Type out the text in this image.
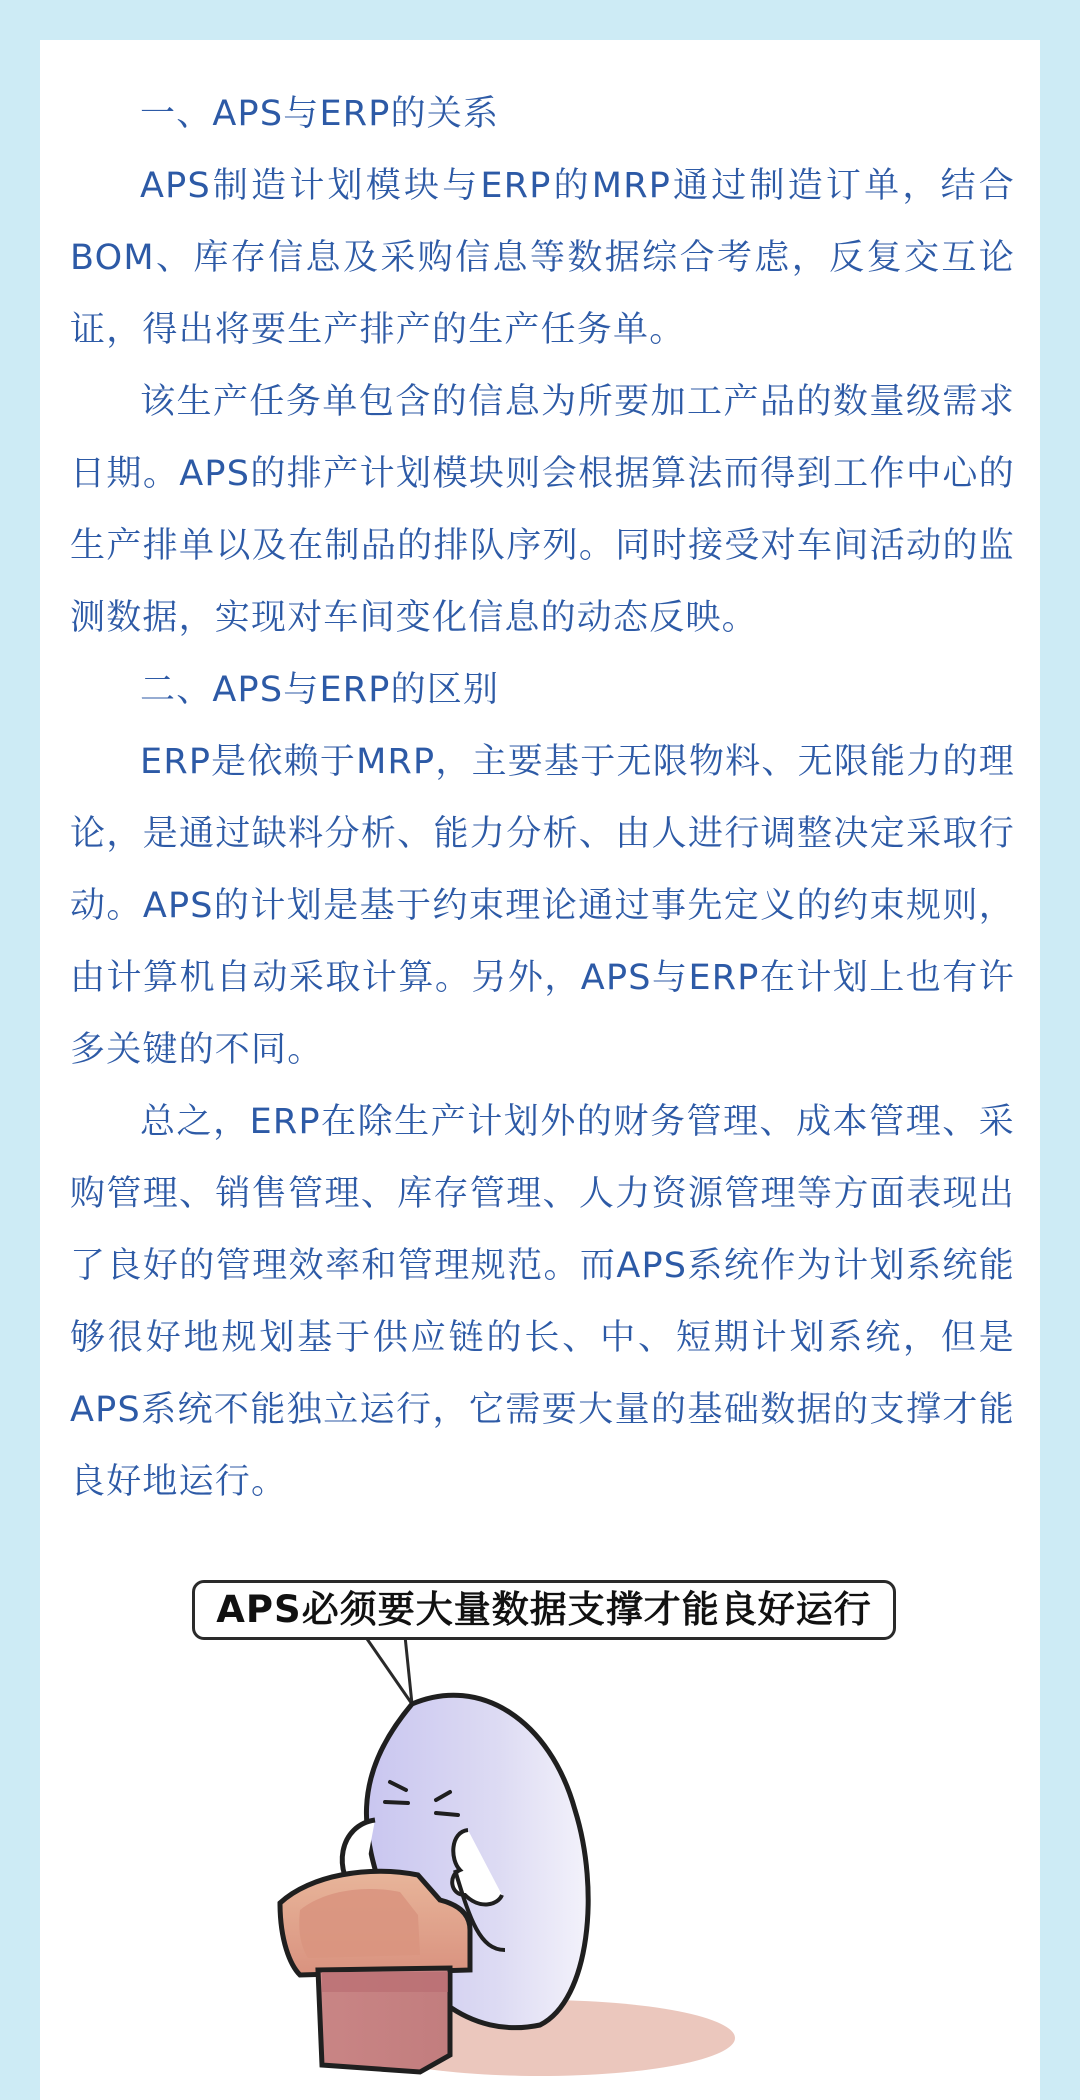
一、APS与ERP的关系

APS制造计划模块与ERP的MRP通过制造订单，结合BOM、库存信息及采购信息等数据综合考虑，反复交互论证，得出将要生产排产的生产任务单。

该生产任务单包含的信息为所要加工产品的数量级需求日期。APS的排产计划模块则会根据算法而得到工作中心的生产排单以及在制品的排队序列。同时接受对车间活动的监测数据，实现对车间变化信息的动态反映。

二、APS与ERP的区别

ERP是依赖于MRP，主要基于无限物料、无限能力的理论，是通过缺料分析、能力分析、由人进行调整决定采取行动。APS的计划是基于约束理论通过事先定义的约束规则，由计算机自动采取计算。另外，APS与ERP在计划上也有许多关键的不同。

总之，ERP在除生产计划外的财务管理、成本管理、采购管理、销售管理、库存管理、人力资源管理等方面表现出了良好的管理效率和管理规范。而APS系统作为计划系统能够很好地规划基于供应链的长、中、短期计划系统，但是APS系统不能独立运行，它需要大量的基础数据的支撑才能良好地运行。

APS必须要大量数据支撑才能良好运行
